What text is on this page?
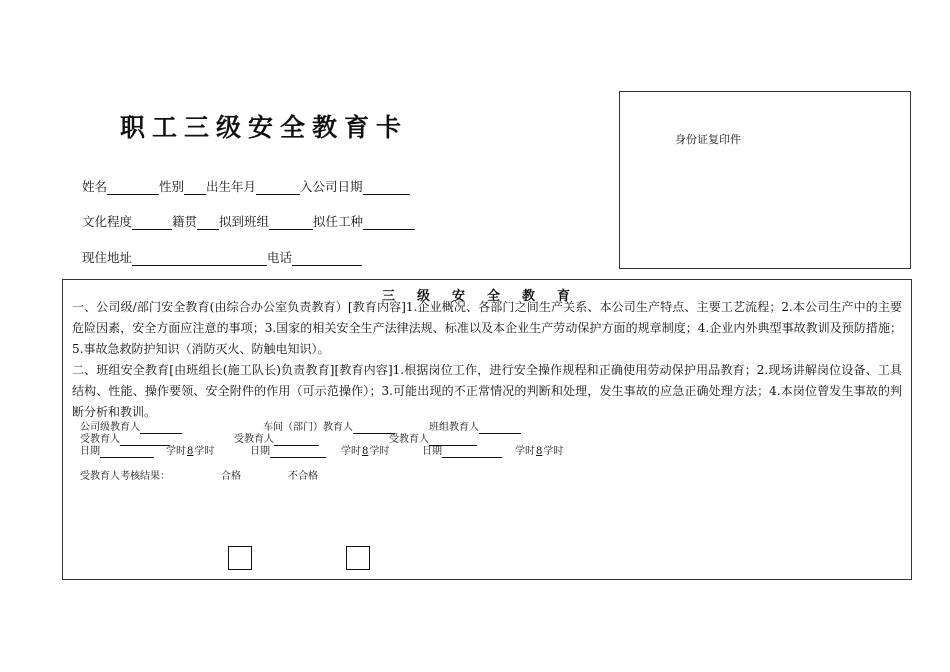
职工三级安全教育卡	身份证复印件
姓名	性别 出生年月	入公司日期
文化程度	籍贯 拟到班组	拟任工种
现住地址	电话
三级安全教育
一、公司级/部门安全教育(由综合办公室负责教育）[教育内容]1.企业概况、各部门之间生产关系、本公司生产特点、主要工艺流程；2.本公司生产中的主要危险因素，安全方面应注意的事项；3.国家的相关安全生产法律法规、标准以及本企业生产劳动保护方面的规章制度；4.企业内外典型事故教训及预防措施；5.事故急救防护知识（消防灭火、防触电知识）。
二、班组安全教育[由班组长(施工队长)负责教育][教育内容]1.根据岗位工作，进行安全操作规程和正确使用劳动保护用品教育；2.现场讲解岗位设备、工具结构、性能、操作要领、安全附件的作用（可示范操作）；3.可能出现的不正常情况的判断和处理，发生事故的应急正确处理方法；4.本岗位曾发生事故的判断分析和教训。
公司级教育人	车间（部门）教育人	班组教育人
受教育人	受教育人	受教育人
日期	学时 8 学时	日期	学时 8 学时	日期	学时 8 学时
受教育人考核结果：	合格	不合格
